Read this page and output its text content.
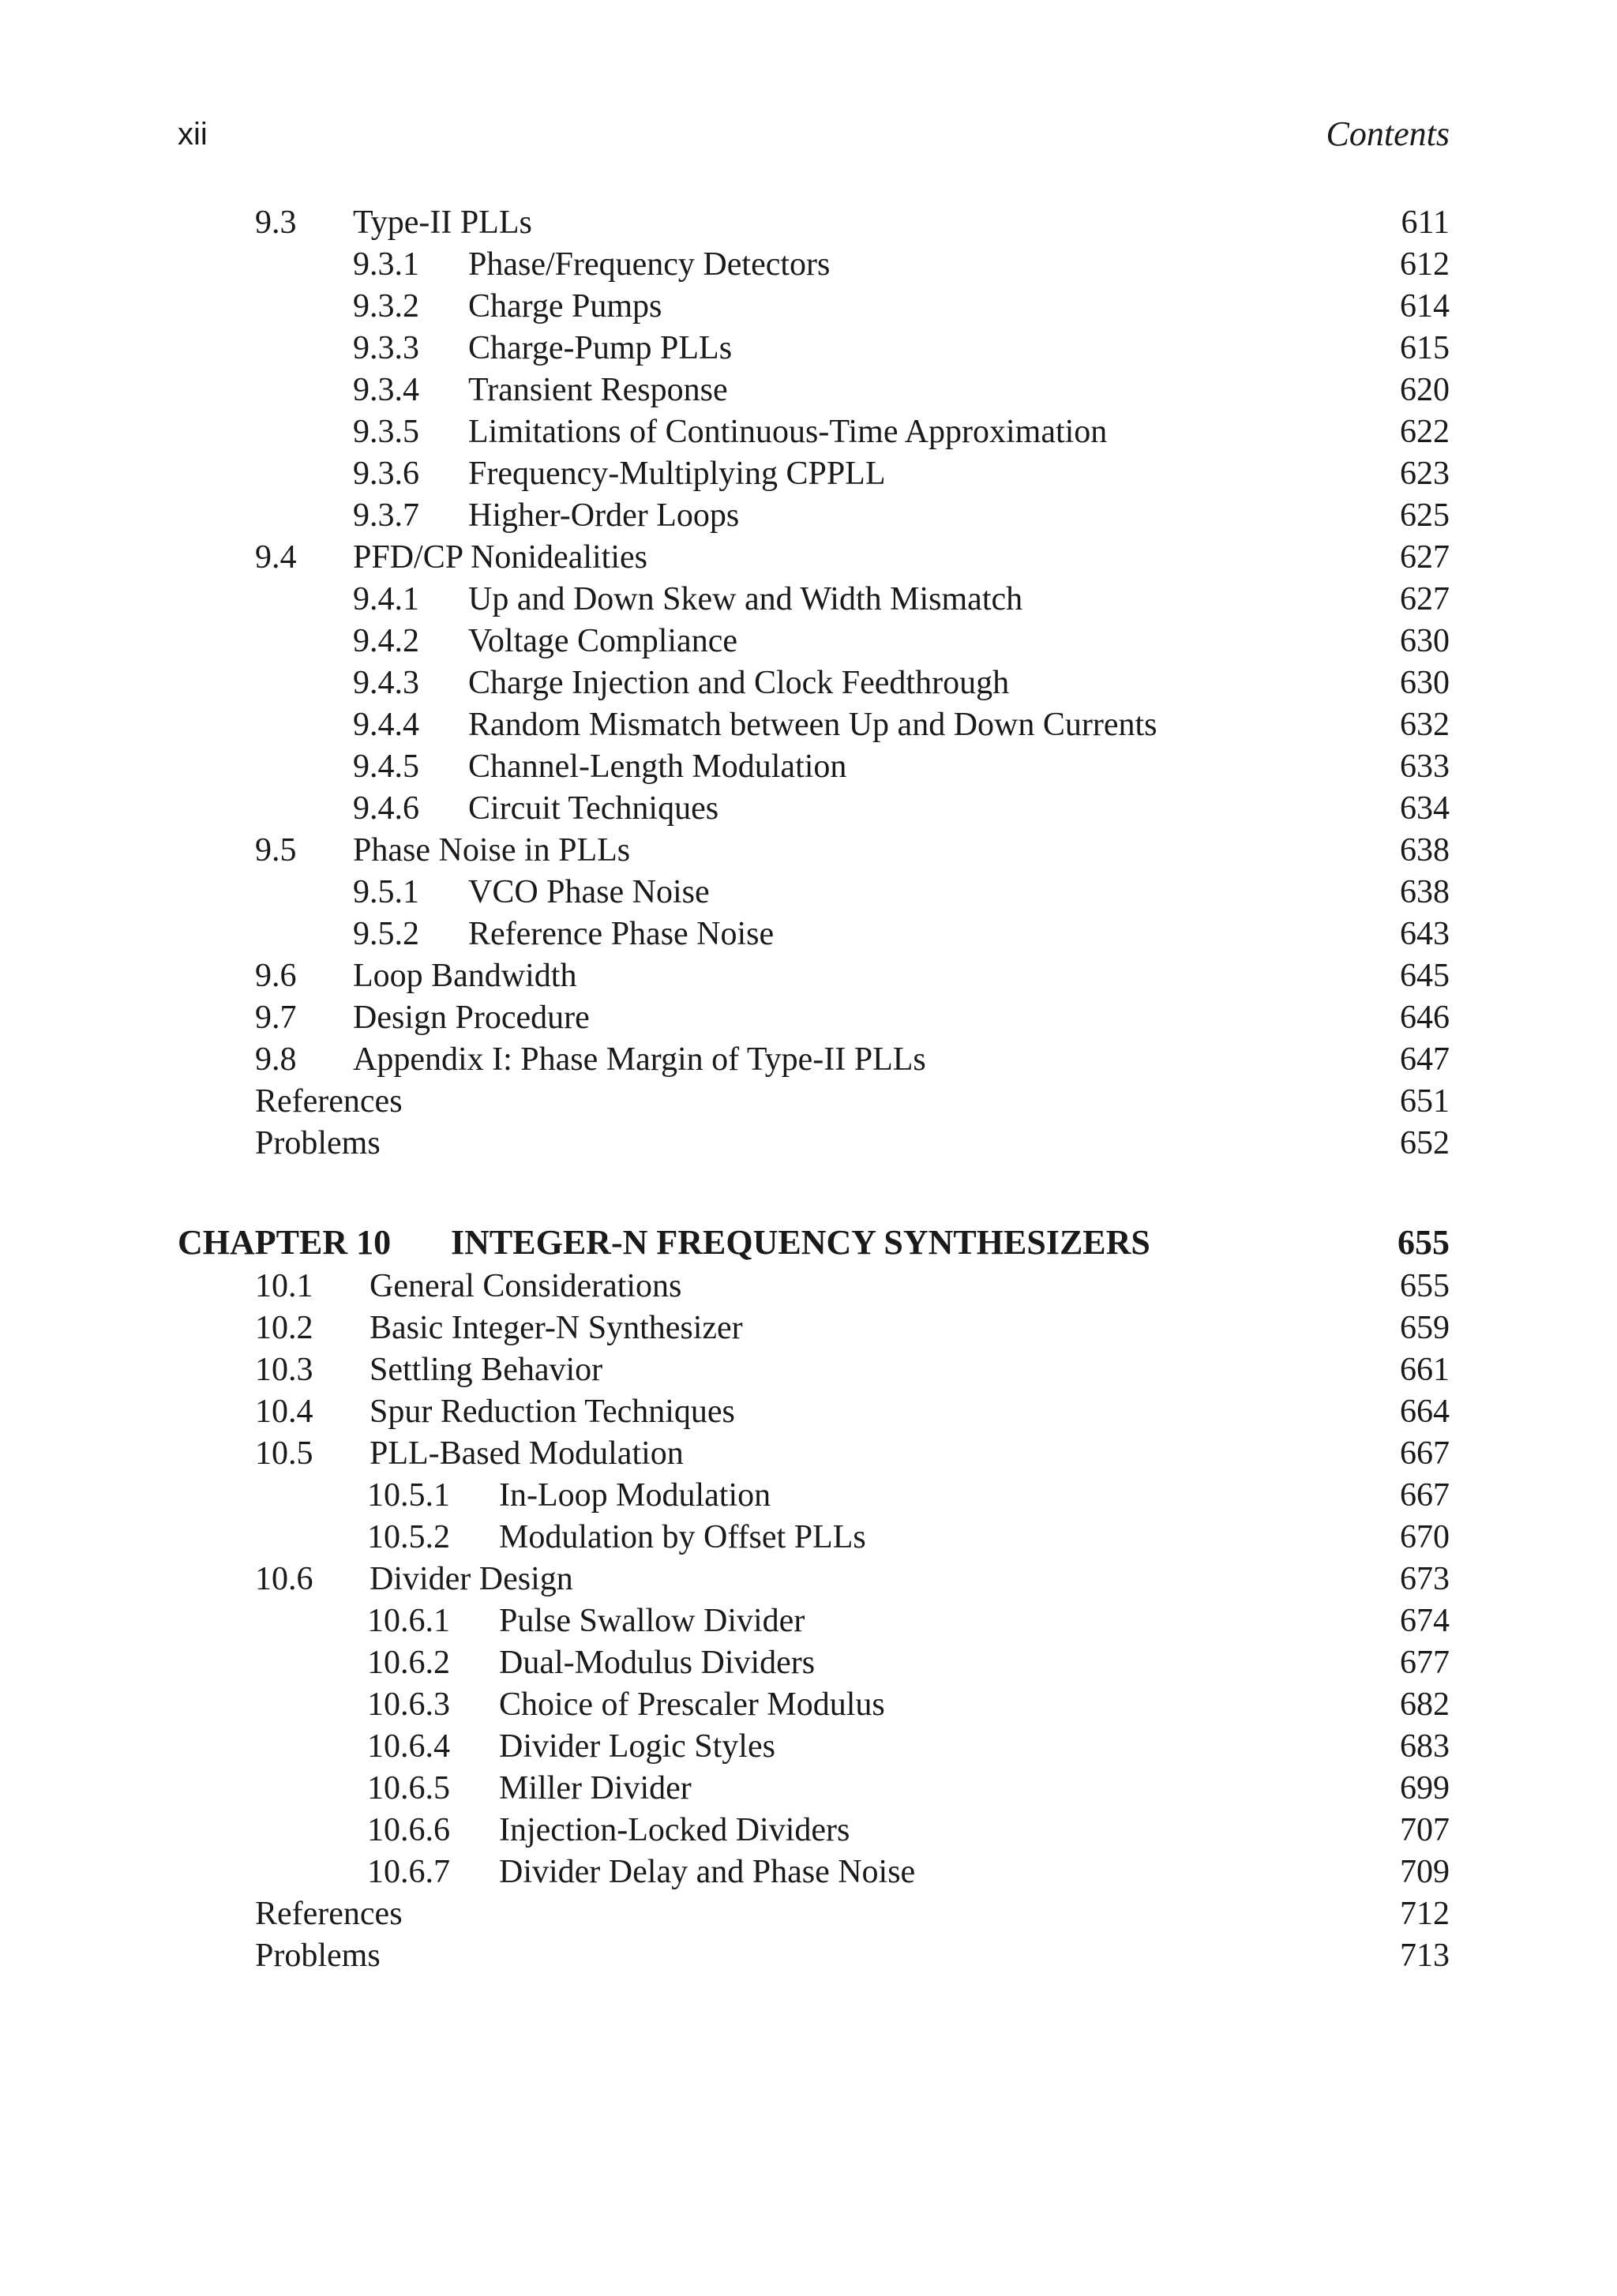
xii	Contents
9.3 Type-II PLLs	611
9.3.1 Phase/Frequency Detectors	612
9.3.2 Charge Pumps	614
9.3.3 Charge-Pump PLLs	615
9.3.4 Transient Response	620
9.3.5 Limitations of Continuous-Time Approximation	622
9.3.6 Frequency-Multiplying CPPLL	623
9.3.7 Higher-Order Loops	625
9.4 PFD/CP Nonidealities	627
9.4.1 Up and Down Skew and Width Mismatch	627
9.4.2 Voltage Compliance	630
9.4.3 Charge Injection and Clock Feedthrough	630
9.4.4 Random Mismatch between Up and Down Currents	632
9.4.5 Channel-Length Modulation	633
9.4.6 Circuit Techniques	634
9.5 Phase Noise in PLLs	638
9.5.1 VCO Phase Noise	638
9.5.2 Reference Phase Noise	643
9.6 Loop Bandwidth	645
9.7 Design Procedure	646
9.8 Appendix I: Phase Margin of Type-II PLLs	647
References	651
Problems	652
CHAPTER 10 INTEGER-N FREQUENCY SYNTHESIZERS	655
10.1 General Considerations	655
10.2 Basic Integer-N Synthesizer	659
10.3 Settling Behavior	661
10.4 Spur Reduction Techniques	664
10.5 PLL-Based Modulation	667
10.5.1 In-Loop Modulation	667
10.5.2 Modulation by Offset PLLs	670
10.6 Divider Design	673
10.6.1 Pulse Swallow Divider	674
10.6.2 Dual-Modulus Dividers	677
10.6.3 Choice of Prescaler Modulus	682
10.6.4 Divider Logic Styles	683
10.6.5 Miller Divider	699
10.6.6 Injection-Locked Dividers	707
10.6.7 Divider Delay and Phase Noise	709
References	712
Problems	713
